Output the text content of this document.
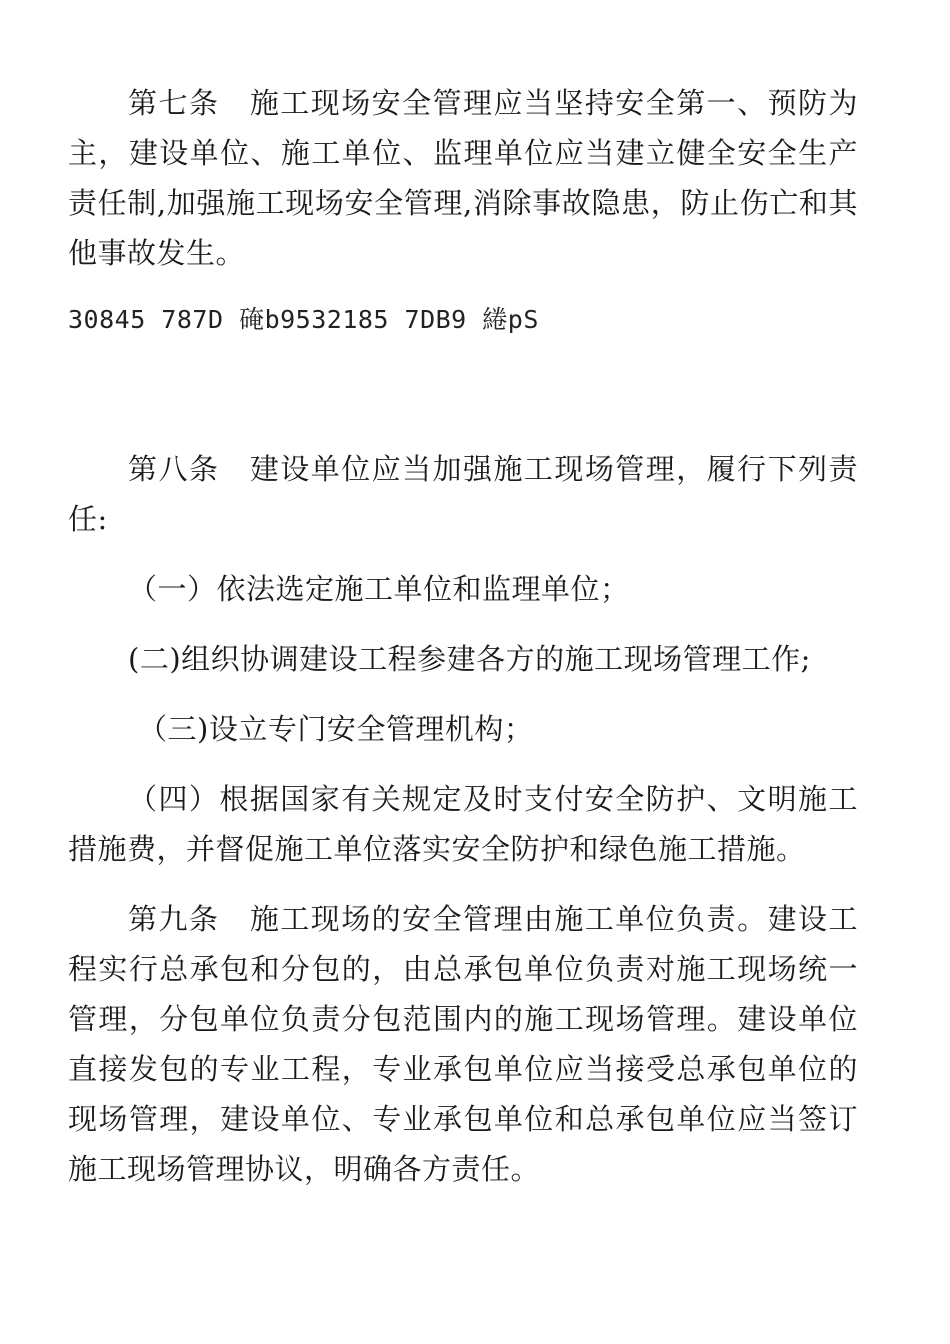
第七条　施工现场安全管理应当坚持安全第一、预防为主，建设单位、施工单位、监理单位应当建立健全安全生产责任制,加强施工现场安全管理,消除事故隐患，防止伤亡和其他事故发生。

30845 787D 硽b9532185 7DB9 綣pS

第八条　建设单位应当加强施工现场管理，履行下列责任:

（一）依法选定施工单位和监理单位；

(二)组织协调建设工程参建各方的施工现场管理工作;

（三)设立专门安全管理机构；

（四）根据国家有关规定及时支付安全防护、文明施工措施费，并督促施工单位落实安全防护和绿色施工措施。

第九条　施工现场的安全管理由施工单位负责。建设工程实行总承包和分包的，由总承包单位负责对施工现场统一管理，分包单位负责分包范围内的施工现场管理。建设单位直接发包的专业工程，专业承包单位应当接受总承包单位的现场管理，建设单位、专业承包单位和总承包单位应当签订施工现场管理协议，明确各方责任。
